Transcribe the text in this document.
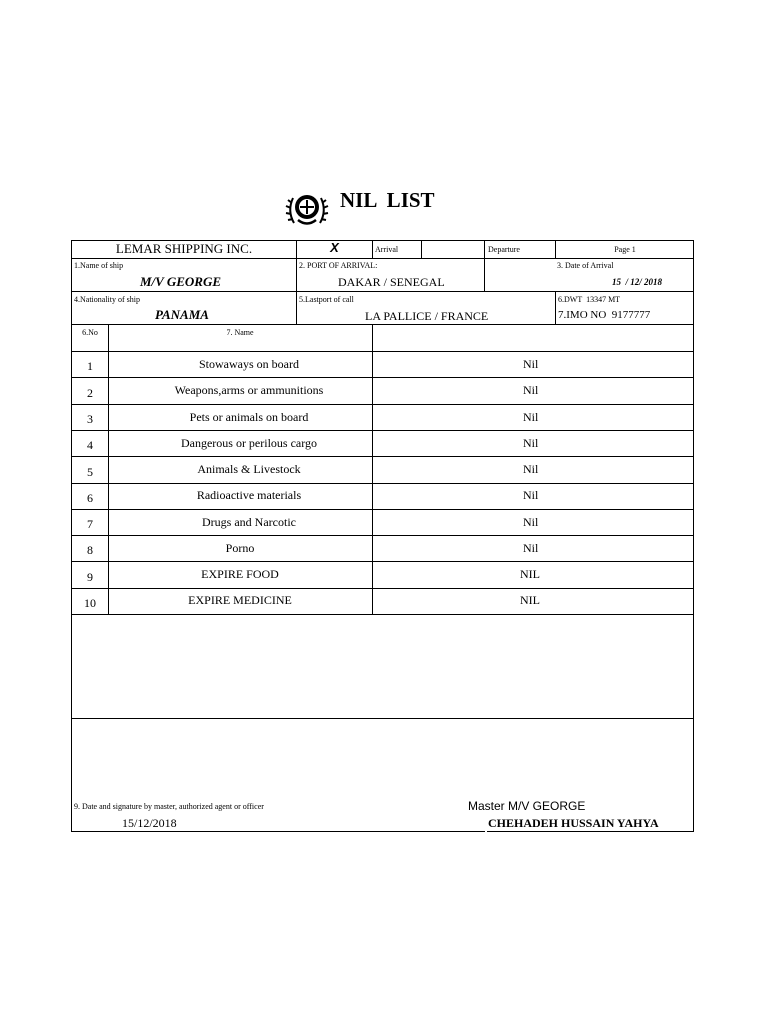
NIL  LIST
LEMAR SHIPPING INC.	X	Arrival	Departure	Page 1
1.Name of ship
M/V GEORGE
2. PORT OF ARRIVAL:
DAKAR / SENEGAL
3. Date of Arrival
15  / 12/ 2018
4.Nationality of ship
PANAMA
5.Lastport of call
LA PALLICE / FRANCE
6.DWT  13347 MT
7.IMO NO  9177777
6.No	7. Name
1	Stowaways on board	Nil
2	Weapons,arms or ammunitions	Nil
3	Pets or animals on board	Nil
4	Dangerous or perilous cargo	Nil
5	Animals & Livestock	Nil
6	Radioactive materials	Nil
7	Drugs and Narcotic	Nil
8	Porno	Nil
9	EXPIRE FOOD	NIL
10	EXPIRE MEDICINE	NIL
9. Date and signature by master, authorized agent or officer
15/12/2018
Master M/V GEORGE
CHEHADEH HUSSAIN YAHYA
